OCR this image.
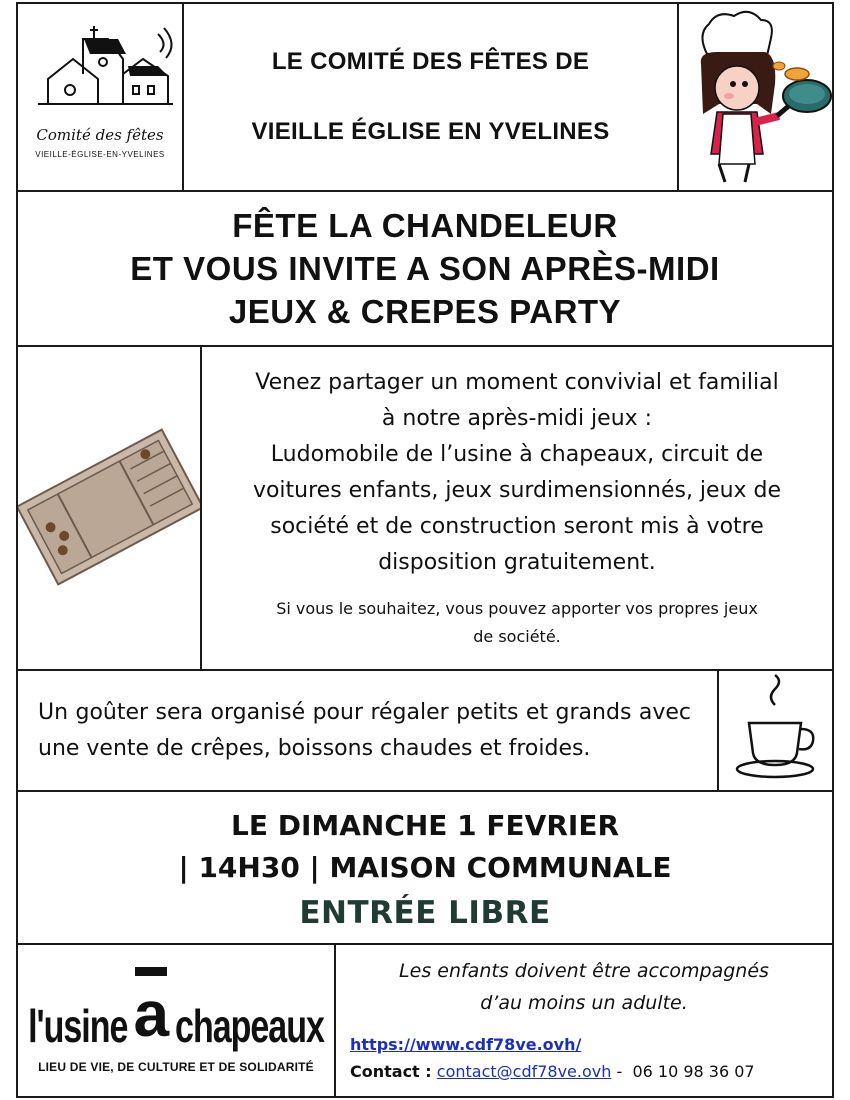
Comité des fêtes
VIEILLE-ÉGLISE-EN-YVELINES
LE COMITÉ DES FÊTES DE
VIEILLE ÉGLISE EN YVELINES
FÊTE LA CHANDELEUR
ET VOUS INVITE A SON APRÈS-MIDI
JEUX & CREPES PARTY
Venez partager un moment convivial et familial
à notre après-midi jeux :
Ludomobile de l’usine à chapeaux, circuit de
voitures enfants, jeux surdimensionnés, jeux de
société et de construction seront mis à votre
disposition gratuitement.
Si vous le souhaitez, vous pouvez apporter vos propres jeux
de société.
Un goûter sera organisé pour régaler petits et grands avec une vente de crêpes, boissons chaudes et froides.
LE DIMANCHE 1 FEVRIER
| 14H30 | MAISON COMMUNALE
ENTRÉE LIBRE
l'usine a chapeaux
LIEU DE VIE, DE CULTURE ET DE SOLIDARITÉ
Les enfants doivent être accompagnés
d’au moins un adulte.
https://www.cdf78ve.ovh/
Contact : contact@cdf78ve.ovh -  06 10 98 36 07
